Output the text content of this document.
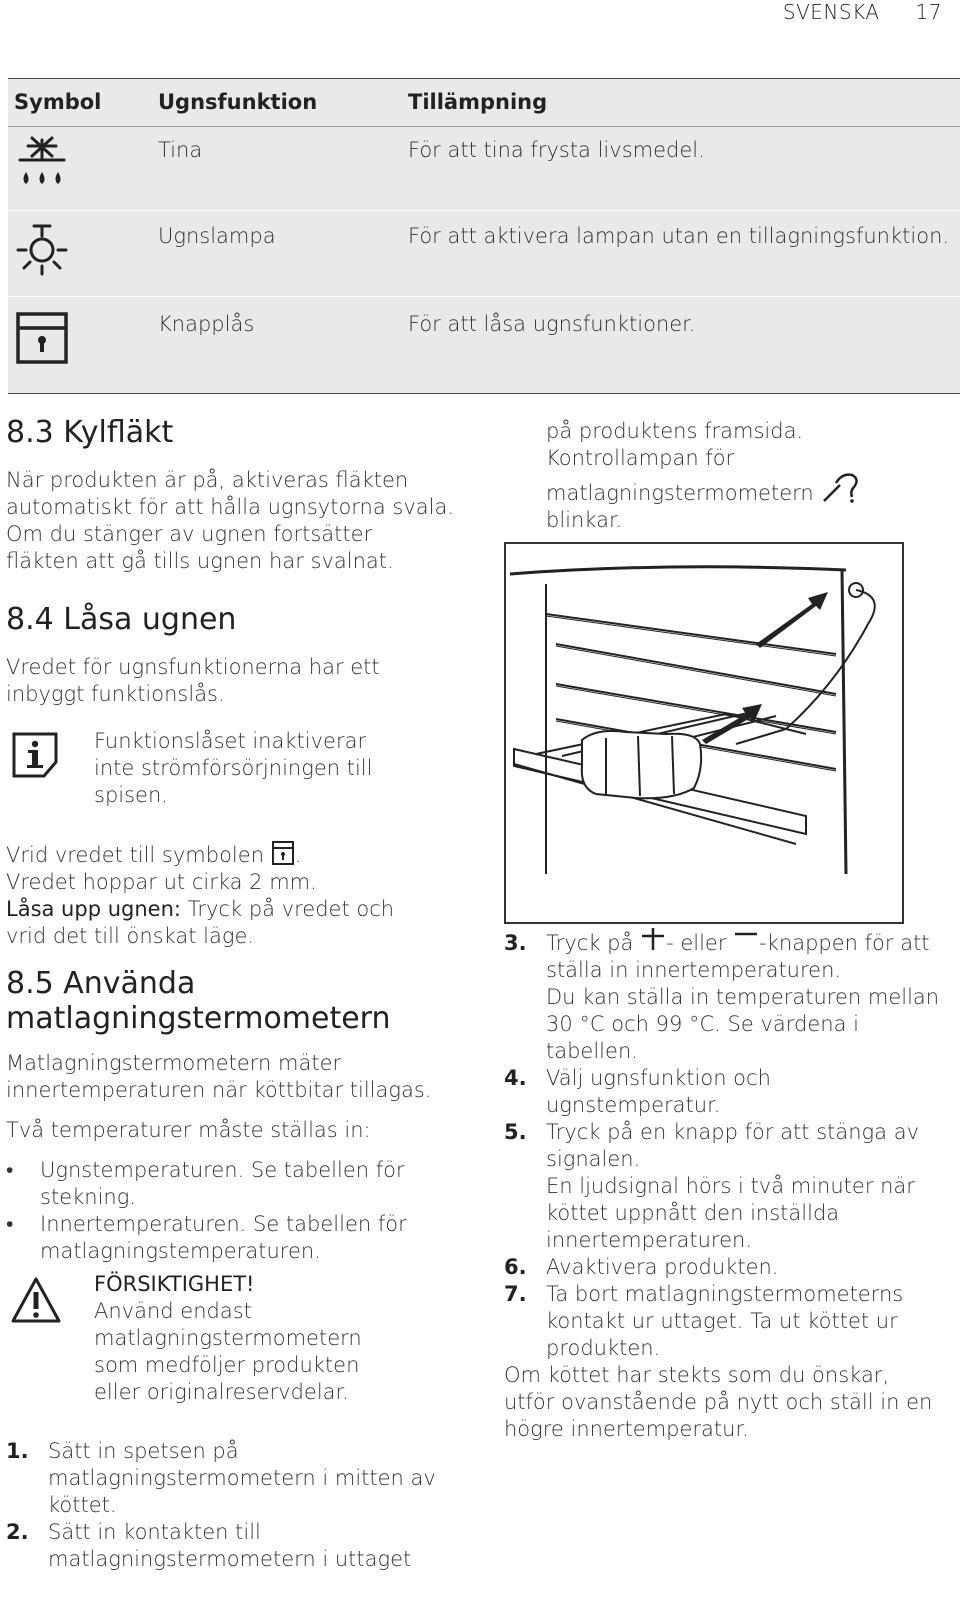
SVENSKA 17
Symbol	Ugnsfunktion	Tillämpning
Tina	För att tina frysta livsmedel.
Ugnslampa	För att aktivera lampan utan en tillagningsfunktion.
Knapplås	För att låsa ugnsfunktioner.
8.3 Kylfläkt
När produkten är på, aktiveras fläkten
automatiskt för att hålla ugnsytorna svala.
Om du stänger av ugnen fortsätter
fläkten att gå tills ugnen har svalnat.
8.4 Låsa ugnen
Vredet för ugnsfunktionerna har ett
inbyggt funktionslås.
Funktionslåset inaktiverar
inte strömförsörjningen till
spisen.
Vrid vredet till symbolen .
Vredet hoppar ut cirka 2 mm.
Låsa upp ugnen: Tryck på vredet och
vrid det till önskat läge.
8.5 Använda
matlagningstermometern
Matlagningstermometern mäter
innertemperaturen när köttbitar tillagas.
Två temperaturer måste ställas in:
• Ugnstemperaturen. Se tabellen för
stekning.
• Innertemperaturen. Se tabellen för
matlagningstemperaturen.
FÖRSIKTIGHET!
Använd endast
matlagningstermometern
som medföljer produkten
eller originalreservdelar.
1. Sätt in spetsen på
matlagningstermometern i mitten av
köttet.
2. Sätt in kontakten till
matlagningstermometern i uttaget
på produktens framsida.
Kontrollampan för
matlagningstermometern
blinkar.
3. Tryck på - eller -knappen för att
ställa in innertemperaturen.
Du kan ställa in temperaturen mellan
30 °C och 99 °C. Se värdena i
tabellen.
4. Välj ugnsfunktion och
ugnstemperatur.
5. Tryck på en knapp för att stänga av
signalen.
En ljudsignal hörs i två minuter när
köttet uppnått den inställda
innertemperaturen.
6. Avaktivera produkten.
7. Ta bort matlagningstermometerns
kontakt ur uttaget. Ta ut köttet ur
produkten.
Om köttet har stekts som du önskar,
utför ovanstående på nytt och ställ in en
högre innertemperatur.
